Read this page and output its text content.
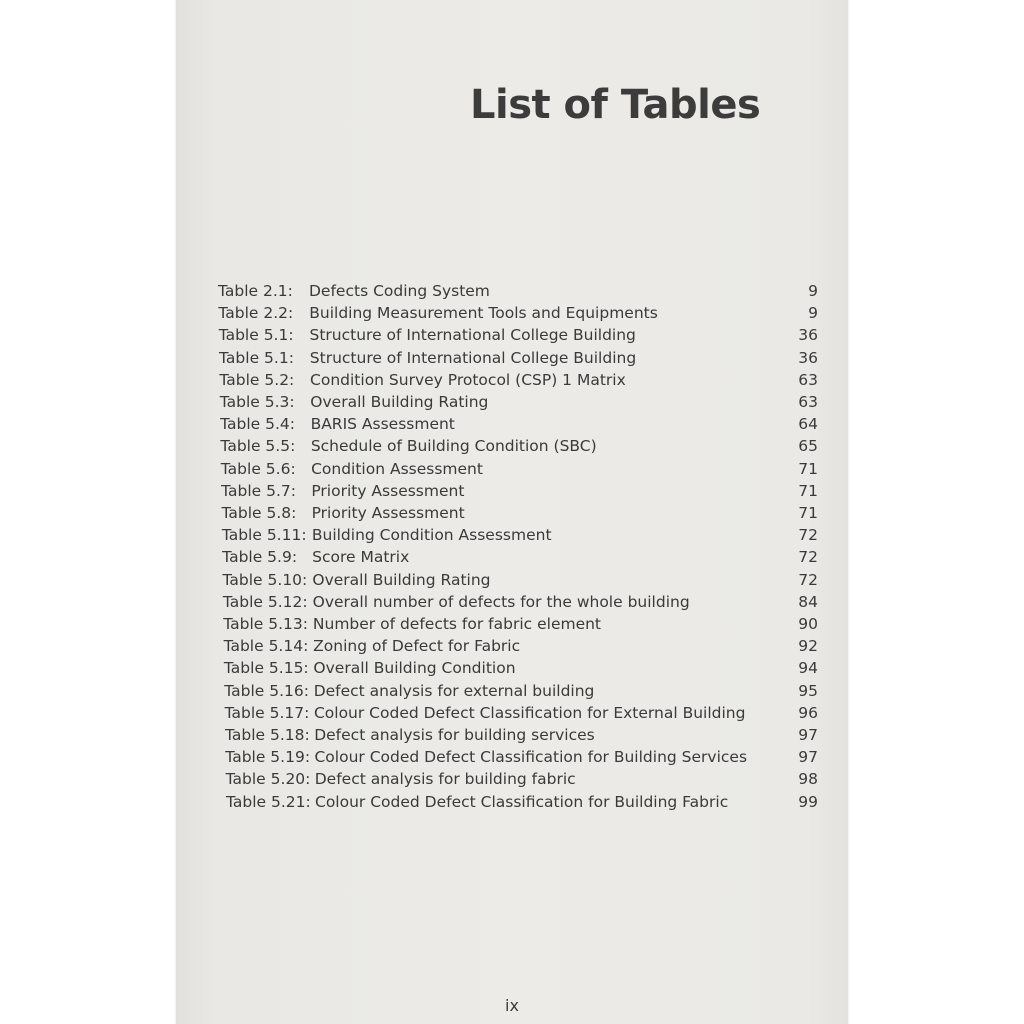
List of Tables
Table 2.1: Defects Coding System	9
Table 2.2: Building Measurement Tools and Equipments	9
Table 5.1: Structure of International College Building	36
Table 5.1: Structure of International College Building	36
Table 5.2: Condition Survey Protocol (CSP) 1 Matrix	63
Table 5.3: Overall Building Rating	63
Table 5.4: BARIS Assessment	64
Table 5.5: Schedule of Building Condition (SBC)	65
Table 5.6: Condition Assessment	71
Table 5.7: Priority Assessment	71
Table 5.8: Priority Assessment	71
Table 5.11: Building Condition Assessment	72
Table 5.9: Score Matrix	72
Table 5.10: Overall Building Rating	72
Table 5.12: Overall number of defects for the whole building	84
Table 5.13: Number of defects for fabric element	90
Table 5.14: Zoning of Defect for Fabric	92
Table 5.15: Overall Building Condition	94
Table 5.16: Defect analysis for external building	95
Table 5.17: Colour Coded Defect Classification for External Building	96
Table 5.18: Defect analysis for building services	97
Table 5.19: Colour Coded Defect Classification for Building Services	97
Table 5.20: Defect analysis for building fabric	98
Table 5.21: Colour Coded Defect Classification for Building Fabric	99
ix
